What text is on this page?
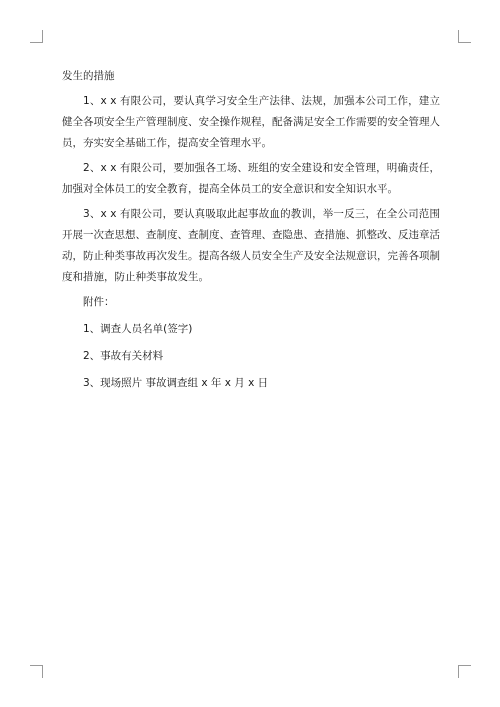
发生的措施

1、x x 有限公司，要认真学习安全生产法律、法规，加强本公司工作，建立健全各项安全生产管理制度、安全操作规程，配备满足安全工作需要的安全管理人员，夯实安全基础工作，提高安全管理水平。

2、x x 有限公司，要加强各工场、班组的安全建设和安全管理，明确责任，加强对全体员工的安全教育，提高全体员工的安全意识和安全知识水平。

3、x x 有限公司，要认真吸取此起事故血的教训，举一反三，在全公司范围开展一次查思想、查制度、查制度、查管理、查隐患、查措施、抓整改、反违章活动，防止种类事故再次发生。提高各级人员安全生产及安全法规意识，完善各项制度和措施，防止种类事故发生。

附件：

1、调查人员名单(签字)

2、事故有关材料

3、现场照片 事故调查组 x 年 x 月 x 日
